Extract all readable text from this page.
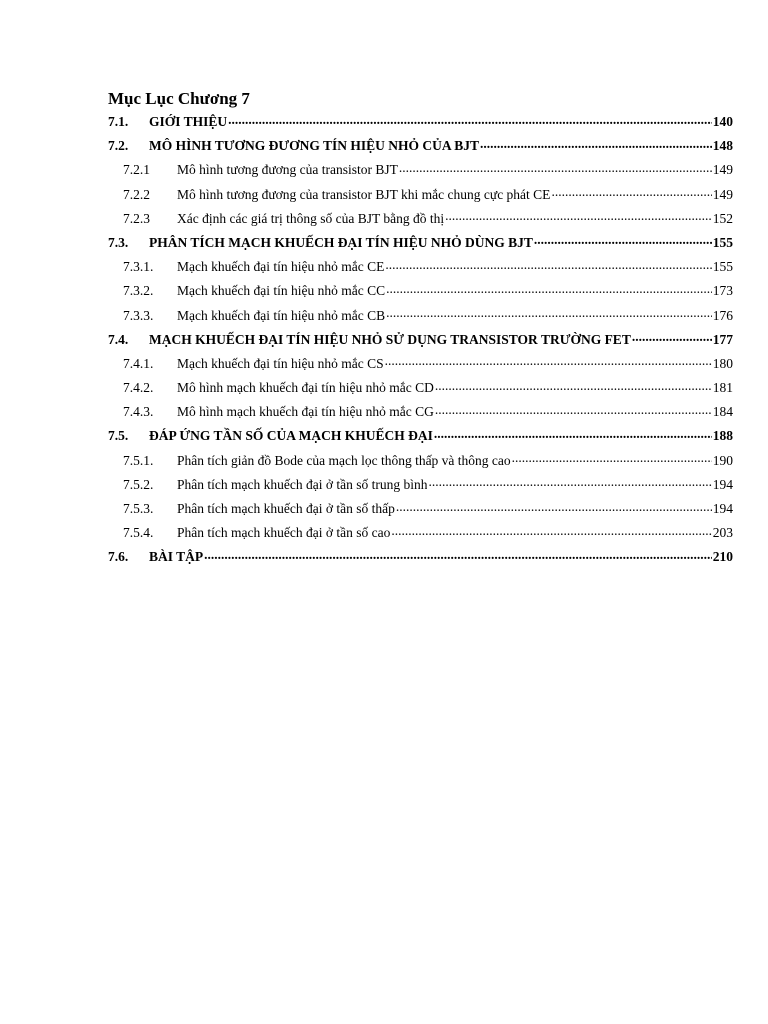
Mục Lục Chương 7
7.1.	GIỚI THIỆU .....	140
7.2.	MÔ HÌNH TƯƠNG ĐƯƠNG TÍN HIỆU NHỎ CỦA BJT .....	148
7.2.1	Mô hình tương đương của transistor BJT .....	149
7.2.2	Mô hình tương đương của transistor BJT khi mắc chung cực phát CE .....	149
7.2.3	Xác định các giá trị thông số của BJT bằng đồ thị .....	152
7.3.	PHÂN TÍCH MẠCH KHUẾCH ĐẠI TÍN HIỆU NHỎ DÙNG BJT .....	155
7.3.1.	Mạch khuếch đại tín hiệu nhỏ mắc CE .....	155
7.3.2.	Mạch khuếch đại tín hiệu nhỏ mắc CC .....	173
7.3.3.	Mạch khuếch đại tín hiệu nhỏ mắc CB .....	176
7.4.	MẠCH KHUẾCH ĐẠI TÍN HIỆU NHỎ SỬ DỤNG TRANSISTOR TRƯỜNG FET .....	177
7.4.1.	Mạch khuếch đại tín hiệu nhỏ mắc CS .....	180
7.4.2.	Mô hình mạch khuếch đại tín hiệu nhỏ mắc CD .....	181
7.4.3.	Mô hình mạch khuếch đại tín hiệu nhỏ mắc CG .....	184
7.5.	ĐÁP ỨNG TẦN SỐ CỦA MẠCH KHUẾCH ĐẠI .....	188
7.5.1.	Phân tích giản đồ Bode của mạch lọc thông thấp và thông cao .....	190
7.5.2.	Phân tích mạch khuếch đại ở tần số trung bình .....	194
7.5.3.	Phân tích mạch khuếch đại ở tần số thấp .....	194
7.5.4.	Phân tích mạch khuếch đại ở tần số cao .....	203
7.6.	BÀI TẬP .....	210
